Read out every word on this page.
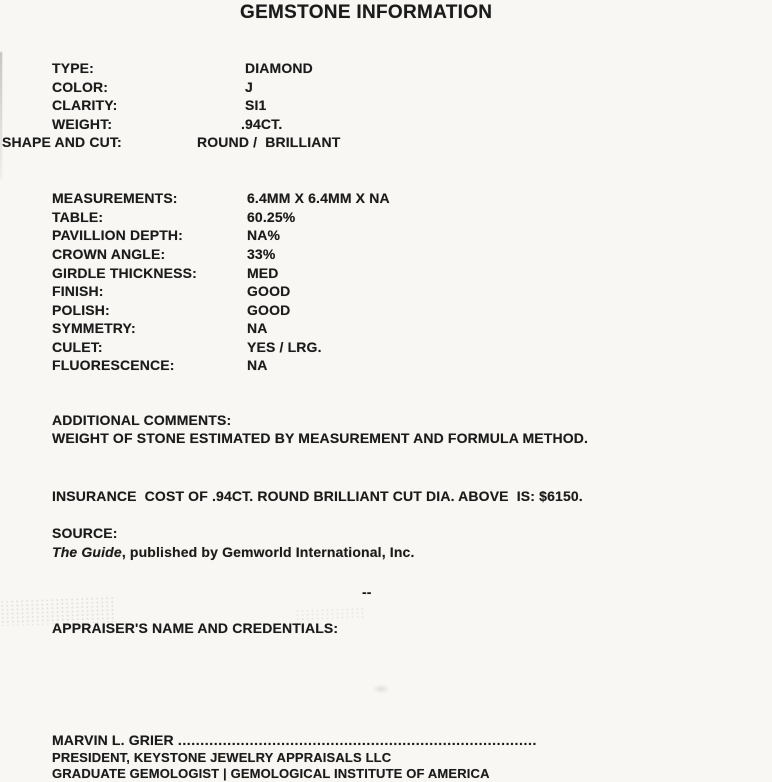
GEMSTONE INFORMATION
TYPE:	DIAMOND
COLOR:	J
CLARITY:	SI1
WEIGHT:	.94CT.
SHAPE AND CUT:	ROUND /  BRILLIANT
MEASUREMENTS:	6.4MM X 6.4MM X NA
TABLE:	60.25%
PAVILLION DEPTH:	NA%
CROWN ANGLE:	33%
GIRDLE THICKNESS:	MED
FINISH:	GOOD
POLISH:	GOOD
SYMMETRY:	NA
CULET:	YES / LRG.
FLUORESCENCE:	NA
ADDITIONAL COMMENTS:
WEIGHT OF STONE ESTIMATED BY MEASUREMENT AND FORMULA METHOD.
INSURANCE  COST OF .94CT. ROUND BRILLIANT CUT DIA. ABOVE  IS: $6150.
SOURCE:
The Guide, published by Gemworld International, Inc.
--
APPRAISER'S NAME AND CREDENTIALS:
MARVIN L. GRIER ................................................................................
PRESIDENT, KEYSTONE JEWELRY APPRAISALS LLC
GRADUATE GEMOLOGIST | GEMOLOGICAL INSTITUTE OF AMERICA
